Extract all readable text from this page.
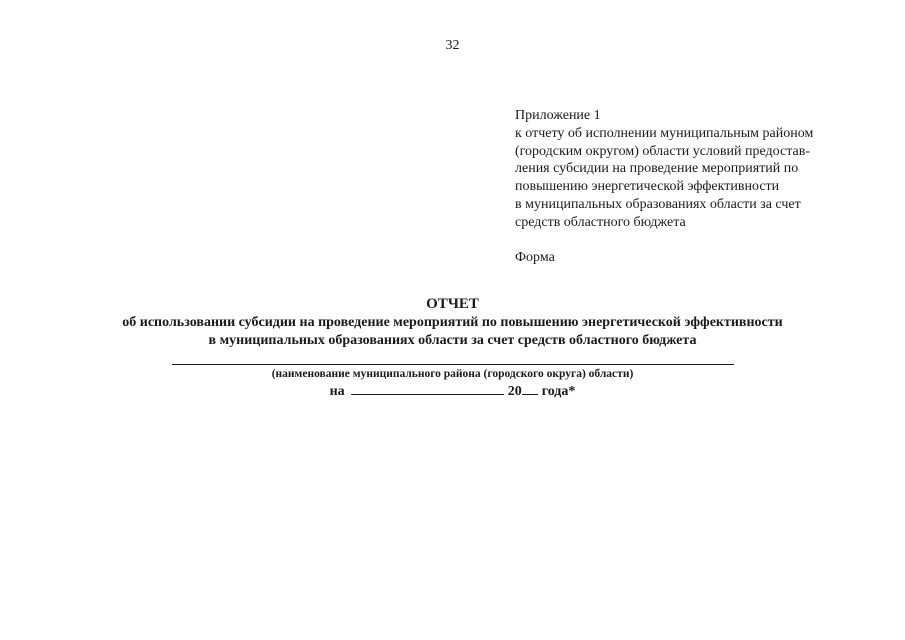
32
Приложение 1
к отчету об исполнении муниципальным районом
(городским округом) области условий предостав-
ления субсидии на проведение мероприятий по
повышению энергетической эффективности
в муниципальных образованиях области за счет
средств областного бюджета
Форма
ОТЧЕТ
об использовании субсидии на проведение мероприятий по повышению энергетической эффективности
в муниципальных образованиях области за счет средств областного бюджета
(наименование муниципального района (городского округа) области)
на	20 года*
